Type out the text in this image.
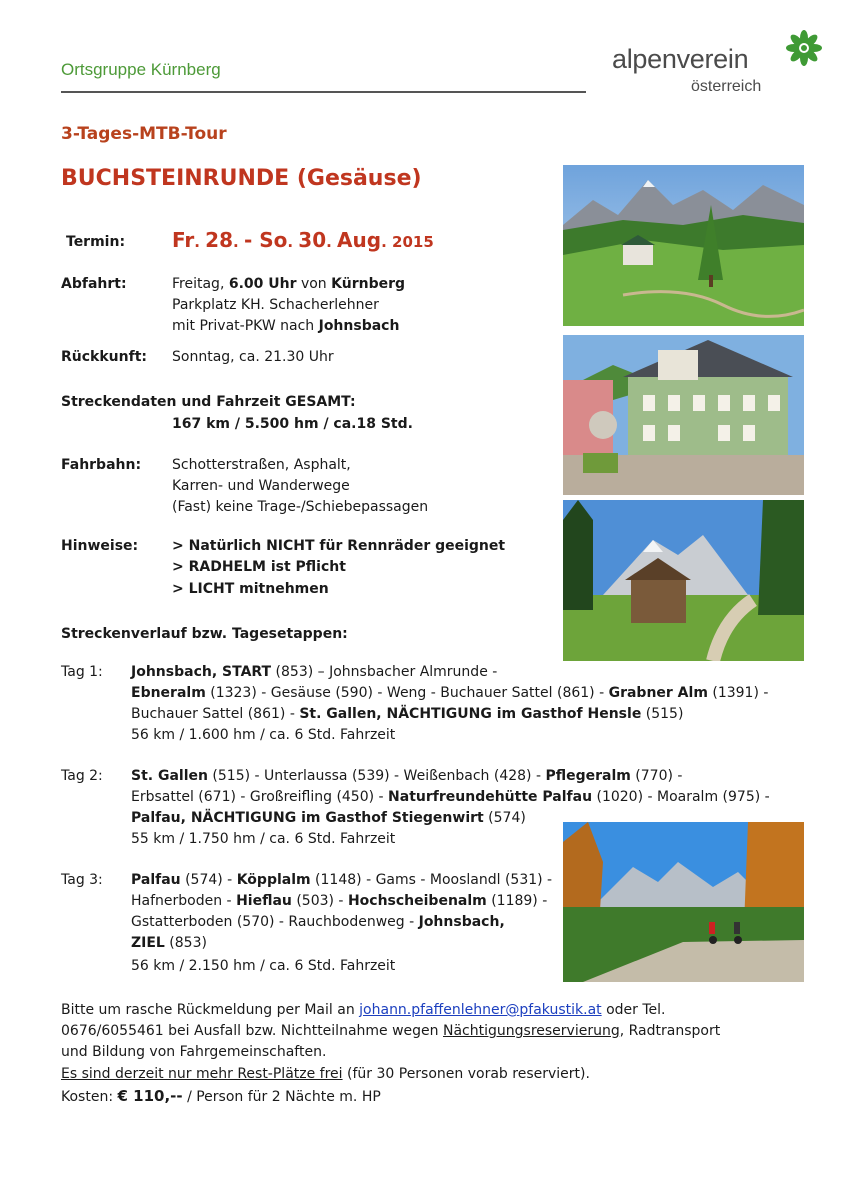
Ortsgruppe Kürnberg	alpenverein
österreich
3-Tages-MTB-Tour
BUCHSTEINRUNDE (Gesäuse)
Termin: Fr. 28. - So. 30. Aug. 2015
Abfahrt:	Freitag, 6.00 Uhr von Kürnberg
Parkplatz KH. Schacherlehner
mit Privat-PKW nach Johnsbach
Rückkunft: Sonntag, ca. 21.30 Uhr
Streckendaten und Fahrzeit GESAMT:
167 km / 5.500 hm / ca.18 Std.
Fahrbahn: Schotterstraßen, Asphalt,
Karren- und Wanderwege
(Fast) keine Trage-/Schiebepassagen
Hinweise: > Natürlich NICHT für Rennräder geeignet
> RADHELM ist Pflicht
> LICHT mitnehmen
Streckenverlauf bzw. Tagesetappen:
Tag 1: Johnsbach, START (853) – Johnsbacher Almrunde -
Ebneralm (1323) - Gesäuse (590) - Weng - Buchauer Sattel (861) - Grabner Alm (1391) -
Buchauer Sattel (861) - St. Gallen, NÄCHTIGUNG im Gasthof Hensle (515)
56 km / 1.600 hm / ca. 6 Std. Fahrzeit
Tag 2: St. Gallen (515) - Unterlaussa (539) - Weißenbach (428) - Pflegeralm (770) -
Erbsattel (671) - Großreifling (450) - Naturfreundehütte Palfau (1020) - Moaralm (975) -
Palfau, NÄCHTIGUNG im Gasthof Stiegenwirt (574)
55 km / 1.750 hm / ca. 6 Std. Fahrzeit
Tag 3: Palfau (574) - Köpplalm (1148) - Gams - Mooslandl (531) -
Hafnerboden - Hieflau (503) - Hochscheibenalm (1189) -
Gstatterboden (570) - Rauchbodenweg - Johnsbach,
ZIEL (853)
56 km / 2.150 hm / ca. 6 Std. Fahrzeit
Bitte um rasche Rückmeldung per Mail an johann.pfaffenlehner@pfakustik.at oder Tel.
0676/6055461 bei Ausfall bzw. Nichtteilnahme wegen Nächtigungsreservierung, Radtransport
und Bildung von Fahrgemeinschaften.
Es sind derzeit nur mehr Rest-Plätze frei (für 30 Personen vorab reserviert).
Kosten: € 110,-- / Person für 2 Nächte m. HP
